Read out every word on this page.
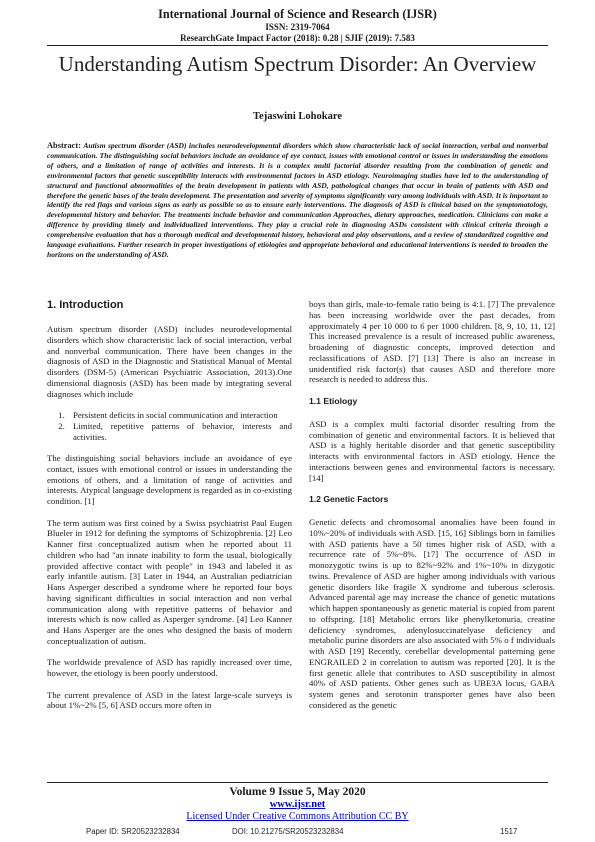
International Journal of Science and Research (IJSR)
ISSN: 2319-7064
ResearchGate Impact Factor (2018): 0.28 | SJIF (2019): 7.583
Understanding Autism Spectrum Disorder: An Overview
Tejaswini Lohokare
Abstract: Autism spectrum disorder (ASD) includes neurodevelopmental disorders which show characteristic lack of social interaction, verbal and nonverbal communication. The distinguishing social behaviors include an avoidance of eye contact, issues with emotional control or issues in understanding the emotions of others, and a limitation of range of activities and interests. It is a complex multi factorial disorder resulting from the combination of genetic and environmental factors that genetic susceptibility interacts with environmental factors in ASD etiology. Neuroimaging studies have led to the understanding of structural and functional abnormalities of the brain development in patients with ASD, pathological changes that occur in brain of patients with ASD and therefore the genetic bases of the brain development. The presentation and severity of symptoms significantly vary among individuals with ASD. It is important to identify the red flags and various signs as early as possible so as to ensure early interventions. The diagnosis of ASD is clinical based on the symptomatology, developmental history and behavior. The treatments include behavior and communication Approaches, dietary approaches, medication. Clinicians can make a difference by providing timely and individualized interventions. They play a crucial role in diagnosing ASDs consistent with clinical criteria through a comprehensive evaluation that has a thorough medical and developmental history, behavioral and play observations, and a review of standardized cognitive and language evaluations. Further research in proper investigations of etiologies and appropriate behavioral and educational interventions is needed to broaden the horizons on the understanding of ASD.
1. Introduction

Autism spectrum disorder (ASD) includes neurodevelopmental disorders which show characteristic lack of social interaction, verbal and nonverbal communication. There have been changes in the diagnosis of ASD in the Diagnostic and Statistical Manual of Mental disorders (DSM-5) (American Psychiatric Association, 2013).One dimensional diagnosis (ASD) has been made by integrating several diagnoses which include

1. Persistent deficits in social communication and interaction
2. Limited, repetitive patterns of behavior, interests and activities.

The distinguishing social behaviors include an avoidance of eye contact, issues with emotional control or issues in understanding the emotions of others, and a limitation of range of activities and interests. Atypical language development is regarded as in co-existing condition. [1]

The term autism was first coined by a Swiss psychiatrist Paul Eugen Blueler in 1912 for defining the symptoms of Schizophrenia. [2] Leo Kanner first conceptualized autism when he reported about 11 children who had "an innate inability to form the usual, biologically provided affective contact with people" in 1943 and labeled it as early infantile autism. [3] Later in 1944, an Australian pediatrician Hans Asperger described a syndrome where he reported four boys having significant difficulties in social interaction and non verbal communication along with repetitive patterns of behavior and interests which is now called as Asperger syndrome. [4] Leo Kanner and Hans Asperger are the ones who designed the basis of modern conceptualization of autism.

The worldwide prevalence of ASD has rapidly increased over time, however, the etiology is been poorly understood.

The current prevalence of ASD in the latest large-scale surveys is about 1%~2% [5, 6] ASD occurs more often in

boys than girls, male-to-female ratio being is 4:1. [7] The prevalence has been increasing worldwide over the past decades, from approximately 4 per 10 000 to 6 per 1000 children. [8, 9, 10, 11, 12] This increased prevalence is a result of increased public awareness, broadening of diagnostic concepts, improved detection and reclassifications of ASD. [7] [13] There is also an increase in unidentified risk factor(s) that causes ASD and therefore more research is needed to address this.

1.1 Etiology

ASD is a complex multi factorial disorder resulting from the combination of genetic and environmental factors. It is believed that ASD is a highly heritable disorder and that genetic susceptibility interacts with environmental factors in ASD etiology. Hence the interactions between genes and environmental factors is necessary. [14]

1.2 Genetic Factors

Genetic defects and chromosomal anomalies have been found in 10%~20% of individuals with ASD. [15, 16] Siblings born in families with ASD patients have a 50 times higher risk of ASD, with a recurrence rate of 5%~8%. [17] The occurrence of ASD in monozygotic twins is up to 82%~92% and 1%~10% in dizygotic twins. Prevalence of ASD are higher among individuals with various genetic disorders like fragile X syndrome and tuberous sclerosis. Advanced parental age may increase the chance of genetic mutations which happen spontaneously as genetic material is copied from parent to offspring. [18] Metabolic errors like phenylketonuria, creatine deficiency syndromes, adenylosuccinatelyase deficiency and metabolic purine disorders are also associated with 5% o f individuals with ASD [19] Recently, cerebellar developmental patterning gene ENGRAILED 2 in correlation to autism was reported [20]. It is the first genetic allele that contributes to ASD susceptibility in almost 40% of ASD patients. Other genes such as UBE3A locus, GABA system genes and serotonin transporter genes have also been considered as the genetic

Volume 9 Issue 5, May 2020
www.ijsr.net
Licensed Under Creative Commons Attribution CC BY
Paper ID: SR20523232834	DOI: 10.21275/SR20523232834	1517
